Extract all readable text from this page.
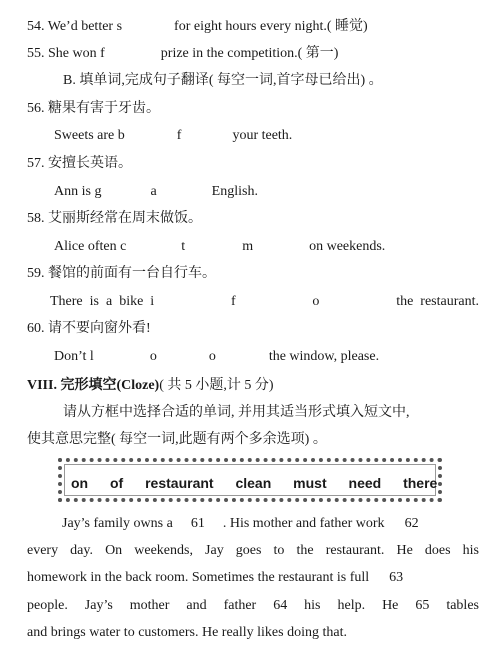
54. We’d better s	for eight hours every night.( 睡觉)
55. She won f	prize in the competition.( 第一)
B. 填单词,完成句子翻译( 每空一词,首字母已给出) 。
56. 糖果有害于牙齿。
Sweets are b	f	your teeth.
57. 安擅长英语。
Ann is g	a	English.
58. 艾丽斯经常在周末做饭。
Alice often c	t	m	on weekends.
59. 餐馆的前面有一台自行车。
There  is  a  bike  i	f	o	the  restaurant.
60. 请不要向窗外看!
Don’t l	o	o	the window, please.
VIII. 完形填空(Cloze)( 共 5 小题,计 5 分)
请从方框中选择合适的单词, 并用其适当形式填入短文中,
使其意思完整( 每空一词,此题有两个多余选项) 。
on of restaurant clean must need there
Jay’s family owns a 61 . His mother and father work 62
every day. On weekends, Jay goes to the restaurant. He does his
homework in the back room. Sometimes the restaurant is full 63
people. Jay’s mother and father 64 his help. He 65 tables
and brings water to customers. He really likes doing that.
